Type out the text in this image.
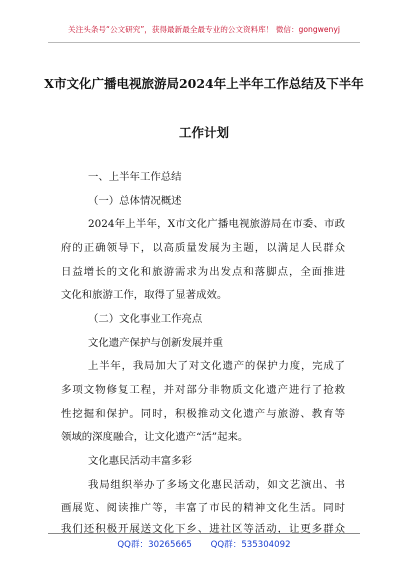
关注头条号“公文研究”，获得最新最全最专业的公文资料库！ 微信：gongwenyj
X市文化广播电视旅游局2024年上半年工作总结及下半年
工作计划
一、上半年工作总结
（一）总体情况概述
2024年上半年，X市文化广播电视旅游局在市委、市政
府的正确领导下，以高质量发展为主题，以满足人民群众
日益增长的文化和旅游需求为出发点和落脚点，全面推进
文化和旅游工作，取得了显著成效。
（二）文化事业工作亮点
文化遗产保护与创新发展并重
上半年，我局加大了对文化遗产的保护力度，完成了
多项文物修复工程，并对部分非物质文化遗产进行了抢救
性挖掘和保护。同时，积极推动文化遗产与旅游、教育等
领域的深度融合，让文化遗产“活”起来。
文化惠民活动丰富多彩
我局组织举办了多场文化惠民活动，如文艺演出、书
画展览、阅读推广等，丰富了市民的精神文化生活。同时
我们还积极开展送文化下乡、进社区等活动，让更多群众
QQ群：30265665 QQ群：535304092
